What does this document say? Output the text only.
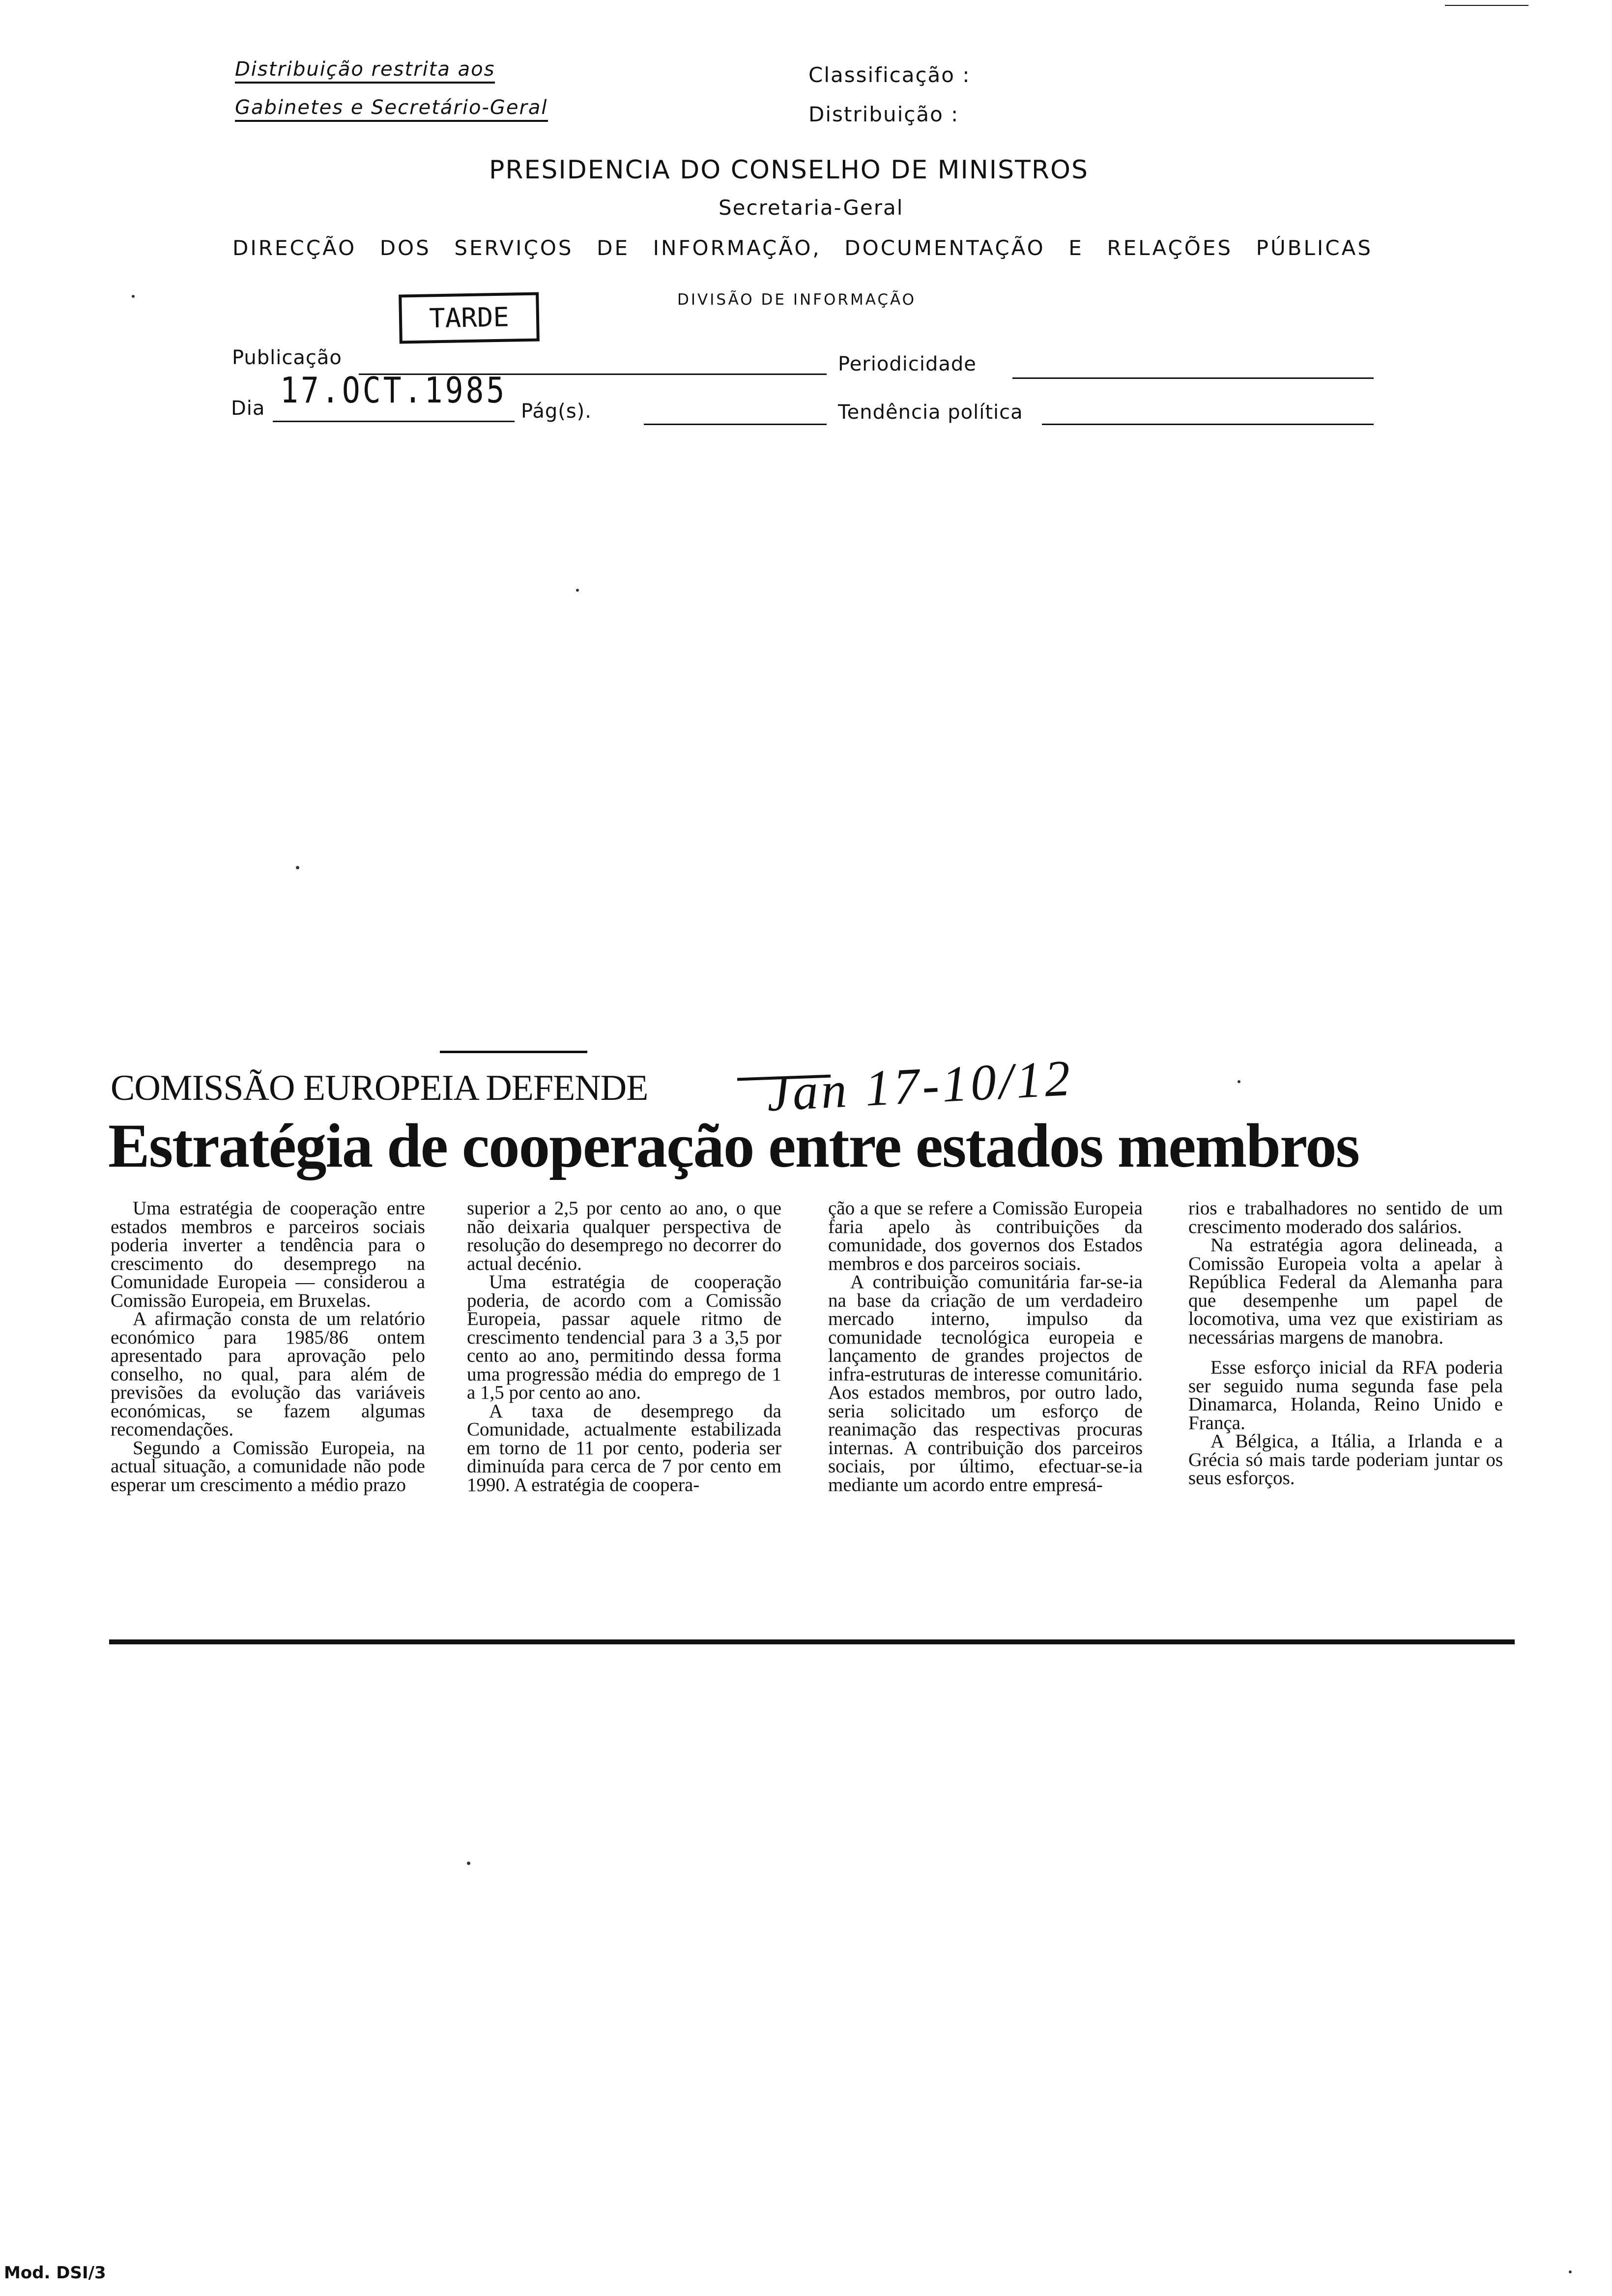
Distribuição restrita aos
Gabinetes e Secretário-Geral
Classificação :
Distribuição :
PRESIDENCIA DO CONSELHO DE MINISTROS
Secretaria-Geral
DIRECÇÃO DOS SERVIÇOS DE INFORMAÇÃO, DOCUMENTAÇÃO E RELAÇÕES PÚBLICAS
DIVISÃO DE INFORMAÇÃO
TARDE
Publicação
Dia 17.OCT.1985
Pág(s).
Periodicidade
Tendência política
COMISSÃO EUROPEIA DEFENDE Jan 17-10/12
Estratégia de cooperação entre estados membros

Uma estratégia de cooperação entre estados membros e parceiros sociais poderia inverter a tendência para o crescimento do desemprego na Comunidade Europeia — considerou a Comissão Europeia, em Bruxelas.

A afirmação consta de um relatório económico para 1985/86 ontem apresentado para aprovação pelo conselho, no qual, para além de previsões da evolução das variáveis económicas, se fazem algumas recomendações.

Segundo a Comissão Europeia, na actual situação, a comunidade não pode esperar um crescimento a médio prazo

superior a 2,5 por cento ao ano, o que não deixaria qualquer perspectiva de resolução do desemprego no decorrer do actual decénio.

Uma estratégia de cooperação poderia, de acordo com a Comissão Europeia, passar aquele ritmo de crescimento tendencial para 3 a 3,5 por cento ao ano, permitindo dessa forma uma progressão média do emprego de 1 a 1,5 por cento ao ano.

A taxa de desemprego da Comunidade, actualmente estabilizada em torno de 11 por cento, poderia ser diminuída para cerca de 7 por cento em 1990. A estratégia de coopera-

ção a que se refere a Comissão Europeia faria apelo às contribuições da comunidade, dos governos dos Estados membros e dos parceiros sociais.

A contribuição comunitária far-se-ia na base da criação de um verdadeiro mercado interno, impulso da comunidade tecnológica europeia e lançamento de grandes projectos de infra-estruturas de interesse comunitário. Aos estados membros, por outro lado, seria solicitado um esforço de reanimação das respectivas procuras internas. A contribuição dos parceiros sociais, por último, efectuar-se-ia mediante um acordo entre empresá-

rios e trabalhadores no sentido de um crescimento moderado dos salários.

Na estratégia agora delineada, a Comissão Europeia volta a apelar à República Federal da Alemanha para que desempenhe um papel de locomotiva, uma vez que existiriam as necessárias margens de manobra.

Esse esforço inicial da RFA poderia ser seguido numa segunda fase pela Dinamarca, Holanda, Reino Unido e França.

A Bélgica, a Itália, a Irlanda e a Grécia só mais tarde poderiam juntar os seus esforços.

Mod. DSI/3
